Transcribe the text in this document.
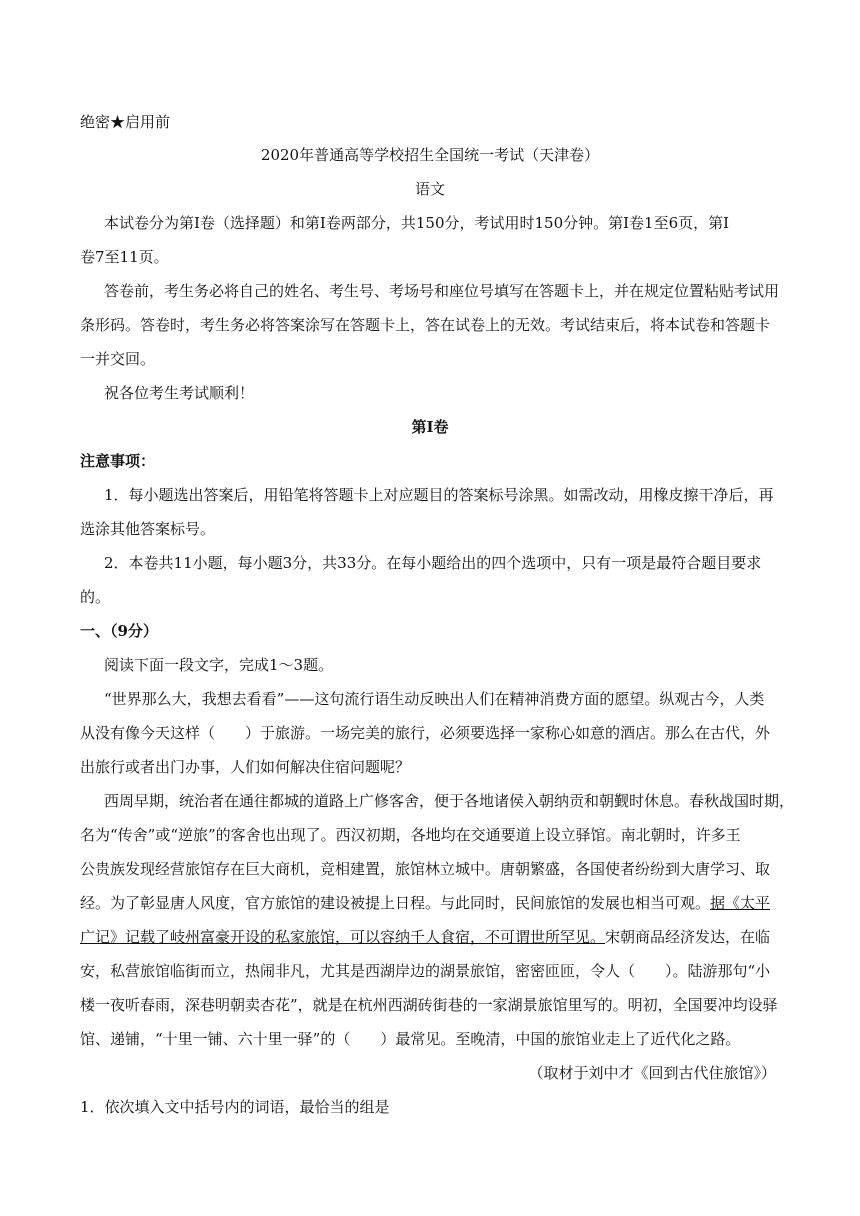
绝密★启用前
2020年普通高等学校招生全国统一考试（天津卷）
语文
本试卷分为第Ⅰ卷（选择题）和第Ⅰ卷两部分，共150分，考试用时150分钟。第Ⅰ卷1至6页，第Ⅰ
卷7至11页。
答卷前，考生务必将自己的姓名、考生号、考场号和座位号填写在答题卡上，并在规定位置粘贴考试用
条形码。答卷时，考生务必将答案涂写在答题卡上，答在试卷上的无效。考试结束后，将本试卷和答题卡
一并交回。
祝各位考生考试顺利！
第Ⅰ卷
注意事项：
1．每小题选出答案后，用铅笔将答题卡上对应题目的答案标号涂黑。如需改动，用橡皮擦干净后，再
选涂其他答案标号。
2．本卷共11小题，每小题3分，共33分。在每小题给出的四个选项中，只有一项是最符合题目要求
的。
一、（9分）
阅读下面一段文字，完成1～3题。
“世界那么大，我想去看看”——这句流行语生动反映出人们在精神消费方面的愿望。纵观古今，人类
从没有像今天这样（　　）于旅游。一场完美的旅行，必须要选择一家称心如意的酒店。那么在古代，外
出旅行或者出门办事，人们如何解决住宿问题呢？
西周早期，统治者在通往都城的道路上广修客舍，便于各地诸侯入朝纳贡和朝觐时休息。春秋战国时期，
名为“传舍”或“逆旅”的客舍也出现了。西汉初期，各地均在交通要道上设立驿馆。南北朝时，许多王
公贵族发现经营旅馆存在巨大商机，竞相建置，旅馆林立城中。唐朝繁盛，各国使者纷纷到大唐学习、取
经。为了彰显唐人风度，官方旅馆的建设被提上日程。与此同时，民间旅馆的发展也相当可观。据《太平
广记》记载了岐州富豪开设的私家旅馆，可以容纳千人食宿，不可谓世所罕见。宋朝商品经济发达，在临
安，私营旅馆临街而立，热闹非凡，尤其是西湖岸边的湖景旅馆，密密匝匝，令人（　　）。陆游那句“小
楼一夜听春雨，深巷明朝卖杏花”，就是在杭州西湖砖街巷的一家湖景旅馆里写的。明初，全国要冲均设驿
馆、递铺，“十里一铺、六十里一驿”的（　　）最常见。至晚清，中国的旅馆业走上了近代化之路。
（取材于刘中才《回到古代住旅馆》）
1．依次填入文中括号内的词语，最恰当的组是
